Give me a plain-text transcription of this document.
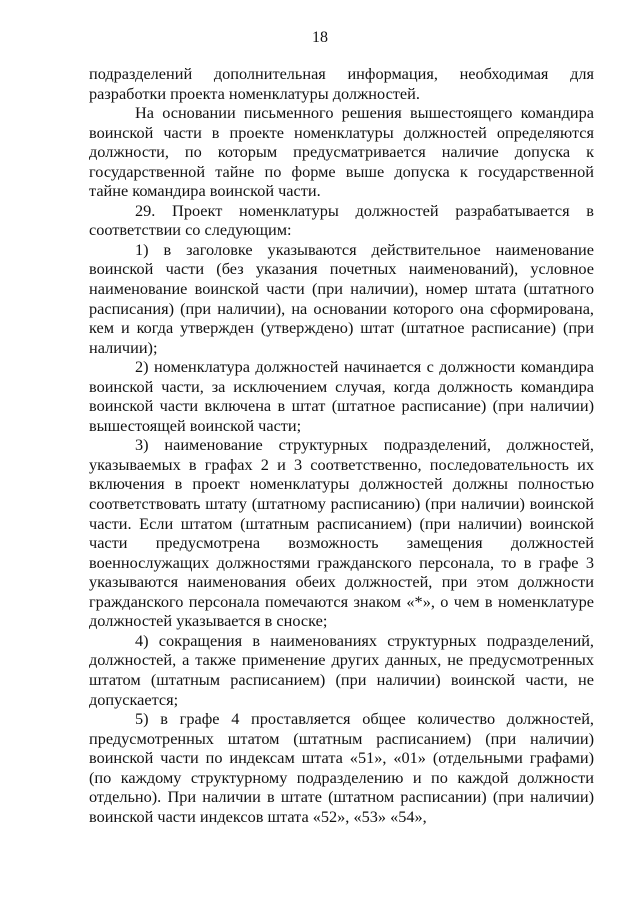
18

подразделений дополнительная информация, необходимая для разработки проекта номенклатуры должностей.

На основании письменного решения вышестоящего командира воинской части в проекте номенклатуры должностей определяются должности, по которым предусматривается наличие допуска к государственной тайне по форме выше допуска к государственной тайне командира воинской части.

29. Проект номенклатуры должностей разрабатывается в соответствии со следующим:

1) в заголовке указываются действительное наименование воинской части (без указания почетных наименований), условное наименование воинской части (при наличии), номер штата (штатного расписания) (при наличии), на основании которого она сформирована, кем и когда утвержден (утверждено) штат (штатное расписание) (при наличии);

2) номенклатура должностей начинается с должности командира воинской части, за исключением случая, когда должность командира воинской части включена в штат (штатное расписание) (при наличии) вышестоящей воинской части;

3) наименование структурных подразделений, должностей, указываемых в графах 2 и 3 соответственно, последовательность их включения в проект номенклатуры должностей должны полностью соответствовать штату (штатному расписанию) (при наличии) воинской части. Если штатом (штатным расписанием) (при наличии) воинской части предусмотрена возможность замещения должностей военнослужащих должностями гражданского персонала, то в графе 3 указываются наименования обеих должностей, при этом должности гражданского персонала помечаются знаком «*», о чем в номенклатуре должностей указывается в сноске;

4) сокращения в наименованиях структурных подразделений, должностей, а также применение других данных, не предусмотренных штатом (штатным расписанием) (при наличии) воинской части, не допускается;

5) в графе 4 проставляется общее количество должностей, предусмотренных штатом (штатным расписанием) (при наличии) воинской части по индексам штата «51», «01» (отдельными графами) (по каждому структурному подразделению и по каждой должности отдельно). При наличии в штате (штатном расписании) (при наличии) воинской части индексов штата «52», «53» «54»,
